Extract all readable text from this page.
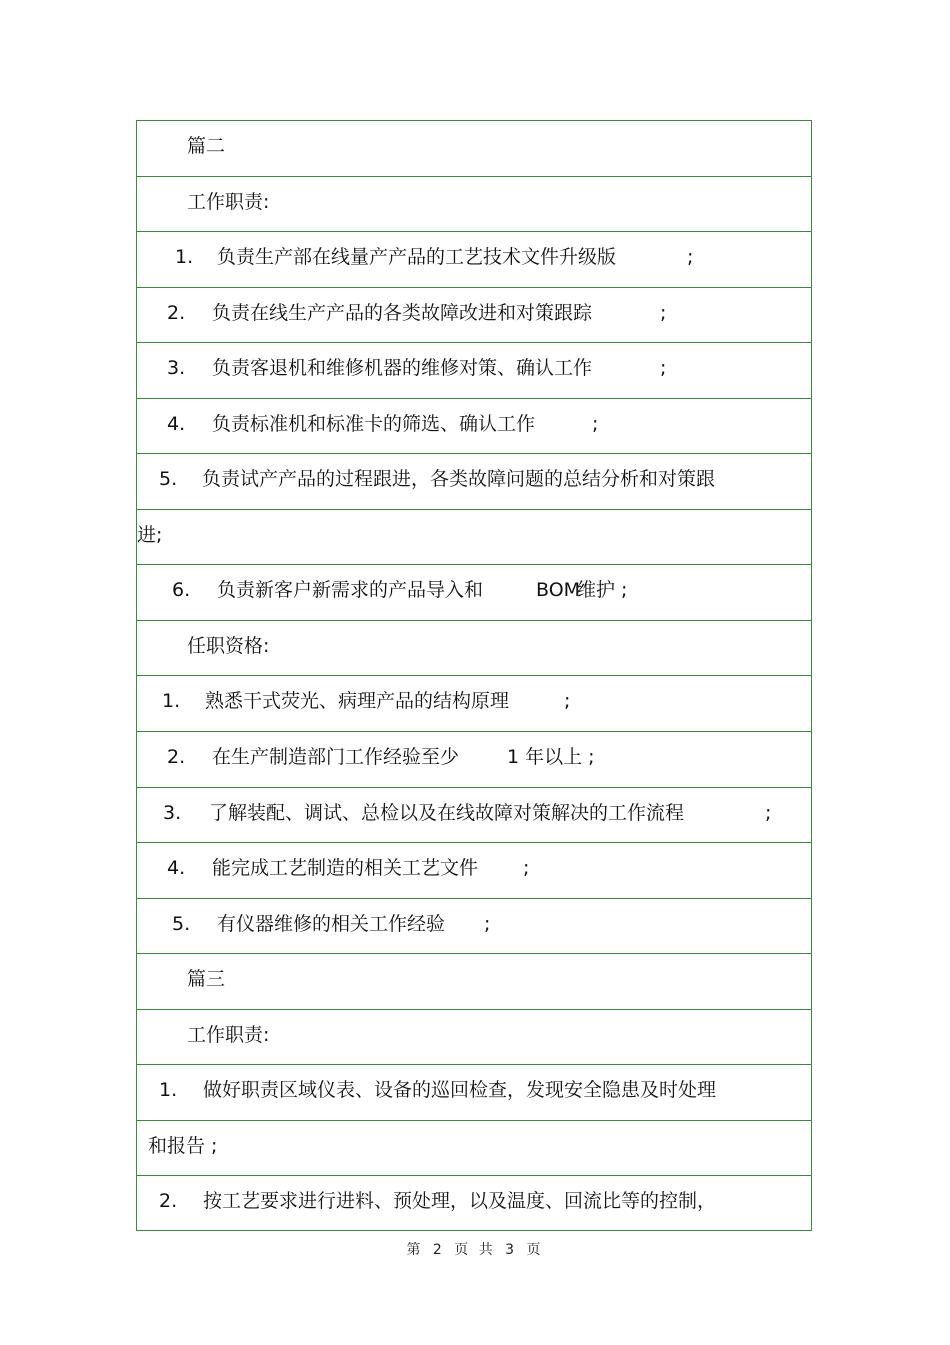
篇二
工作职责:
1. 负责生产部在线量产产品的工艺技术文件升级版	;
2. 负责在线生产产品的各类故障改进和对策跟踪	;
3. 负责客退机和维修机器的维修对策、确认工作	;
4. 负责标准机和标准卡的筛选、确认工作	;
5. 负责试产产品的过程跟进，各类故障问题的总结分析和对策跟
进;
6. 负责新客户新需求的产品导入和	BOM
维护 ;
任职资格:
1. 熟悉干式荧光、病理产品的结构原理	;
2. 在生产制造部门工作经验至少	1 年以上 ;
3. 了解装配、调试、总检以及在线故障对策解决的工作流程	;
4. 能完成工艺制造的相关工艺文件 ;
5. 有仪器维修的相关工作经验 ;
篇三
工作职责:
1. 做好职责区域仪表、设备的巡回检查，发现安全隐患及时处理
和报告 ;
2. 按工艺要求进行进料、预处理，以及温度、回流比等的控制，
第 2 页 共 3 页
